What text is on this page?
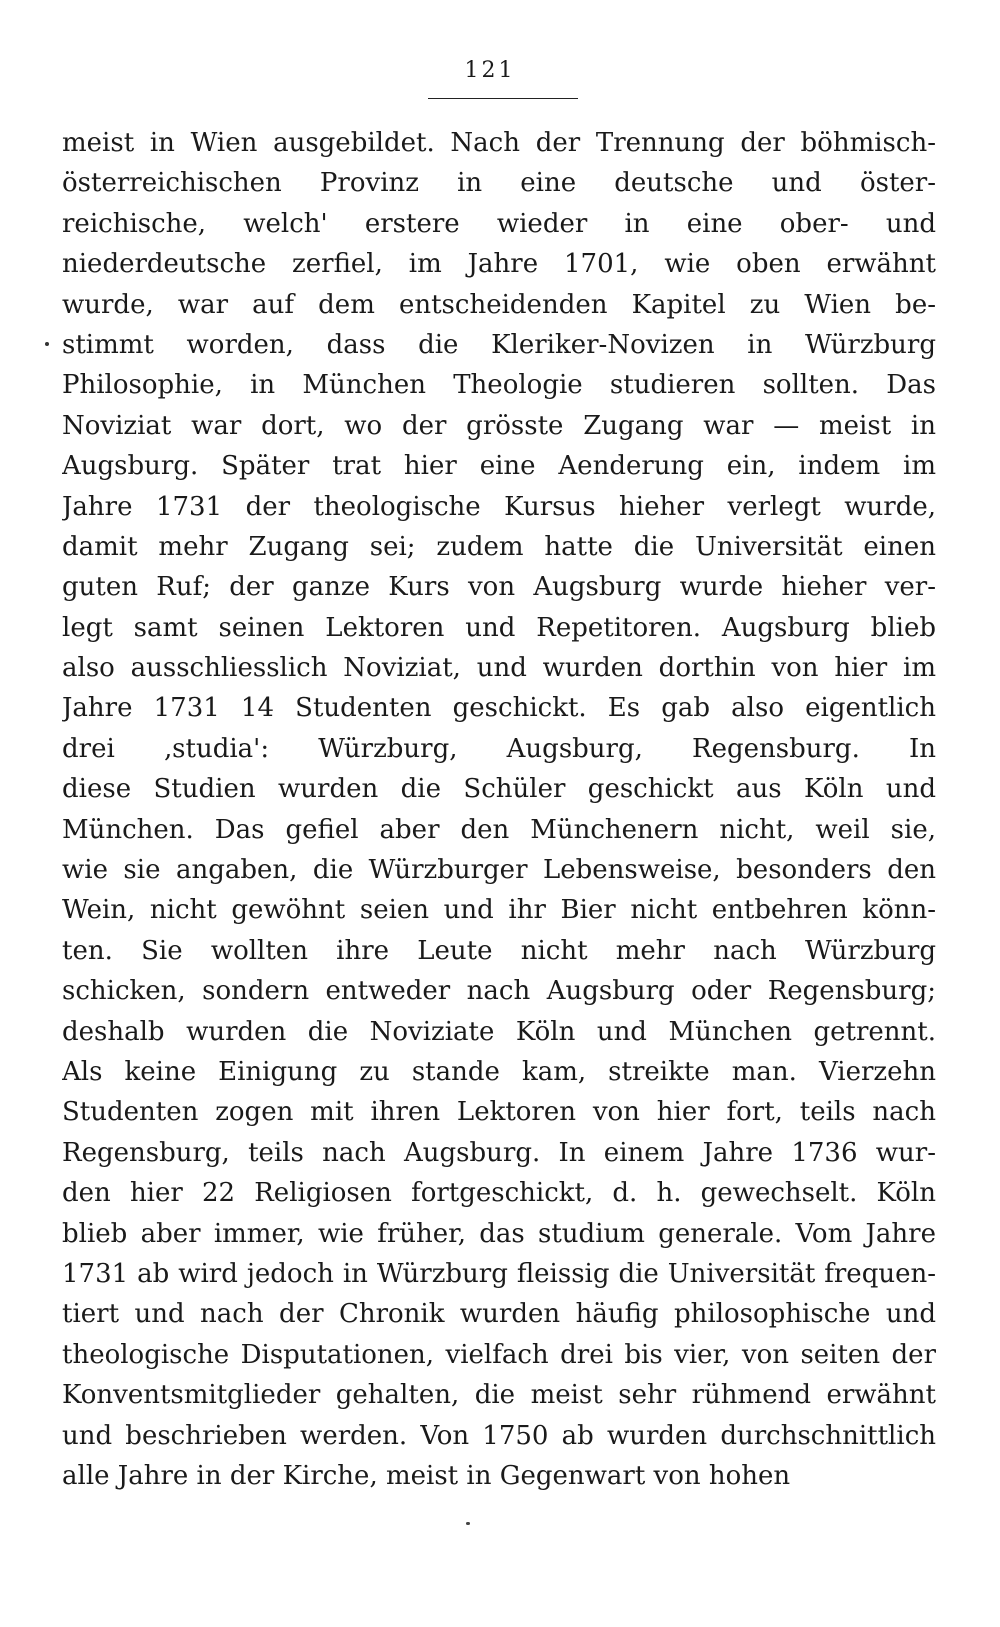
121
meist in Wien ausgebildet. Nach der Trennung der böhmisch-
österreichischen Provinz in eine deutsche und öster-
reichische, welch' erstere wieder in eine ober- und
niederdeutsche zerfiel, im Jahre 1701, wie oben erwähnt
wurde, war auf dem entscheidenden Kapitel zu Wien be-
stimmt worden, dass die Kleriker-Novizen in Würzburg
Philosophie, in München Theologie studieren sollten. Das
Noviziat war dort, wo der grösste Zugang war — meist in
Augsburg. Später trat hier eine Aenderung ein, indem im
Jahre 1731 der theologische Kursus hieher verlegt wurde,
damit mehr Zugang sei; zudem hatte die Universität einen
guten Ruf; der ganze Kurs von Augsburg wurde hieher ver-
legt samt seinen Lektoren und Repetitoren. Augsburg blieb
also ausschliesslich Noviziat, und wurden dorthin von hier im
Jahre 1731 14 Studenten geschickt. Es gab also eigentlich
drei ‚studia': Würzburg, Augsburg, Regensburg. In
diese Studien wurden die Schüler geschickt aus Köln und
München. Das gefiel aber den Münchenern nicht, weil sie,
wie sie angaben, die Würzburger Lebensweise, besonders den
Wein, nicht gewöhnt seien und ihr Bier nicht entbehren könn-
ten. Sie wollten ihre Leute nicht mehr nach Würzburg
schicken, sondern entweder nach Augsburg oder Regensburg;
deshalb wurden die Noviziate Köln und München getrennt.
Als keine Einigung zu stande kam, streikte man. Vierzehn
Studenten zogen mit ihren Lektoren von hier fort, teils nach
Regensburg, teils nach Augsburg. In einem Jahre 1736 wur-
den hier 22 Religiosen fortgeschickt, d. h. gewechselt. Köln
blieb aber immer, wie früher, das studium generale. Vom Jahre
1731 ab wird jedoch in Würzburg fleissig die Universität frequen-
tiert und nach der Chronik wurden häufig philosophische und
theologische Disputationen, vielfach drei bis vier, von seiten der
Konventsmitglieder gehalten, die meist sehr rühmend erwähnt
und beschrieben werden. Von 1750 ab wurden durchschnittlich
alle Jahre in der Kirche, meist in Gegenwart von hohen
